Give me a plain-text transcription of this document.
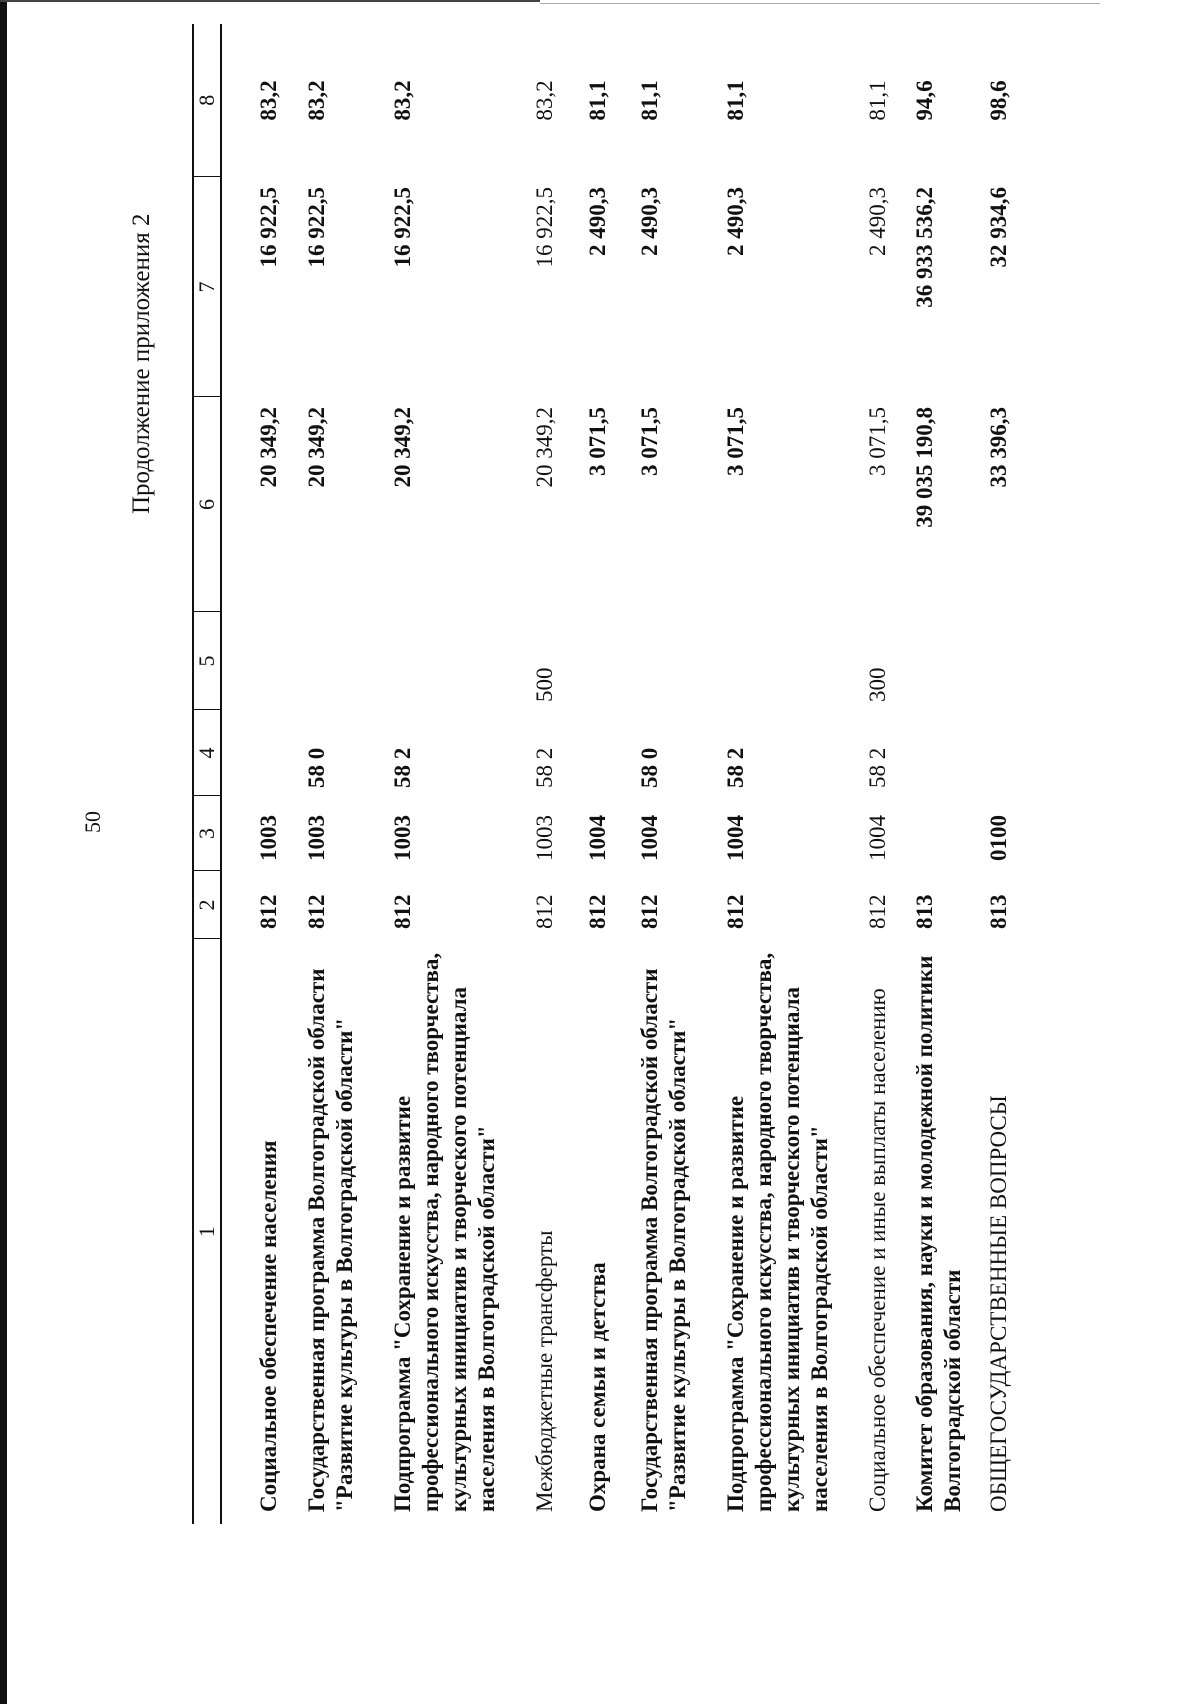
50
Продолжение приложения 2
1	2	3	4	5	6	7	8
Социальное обеспечение населения	812	1003			20 349,2	16 922,5	83,2
Государственная программа Волгоградской области "Развитие культуры в Волгоградской области"	812	1003	58 0		20 349,2	16 922,5	83,2
Подпрограмма "Сохранение и развитие профессионального искусства, народного творчества, культурных инициатив и творческого потенциала населения в Волгоградской области"	812	1003	58 2		20 349,2	16 922,5	83,2
Межбюджетные трансферты	812	1003	58 2	500	20 349,2	16 922,5	83,2
Охрана семьи и детства	812	1004			3 071,5	2 490,3	81,1
Государственная программа Волгоградской области "Развитие культуры в Волгоградской области"	812	1004	58 0		3 071,5	2 490,3	81,1
Подпрограмма "Сохранение и развитие профессионального искусства, народного творчества, культурных инициатив и творческого потенциала населения в Волгоградской области"	812	1004	58 2		3 071,5	2 490,3	81,1
Социальное обеспечение и иные выплаты населению	812	1004	58 2	300	3 071,5	2 490,3	81,1
Комитет образования, науки и молодежной политики Волгоградской области	813				39 035 190,8	36 933 536,2	94,6
ОБЩЕГОСУДАРСТВЕННЫЕ ВОПРОСЫ	813	0100			33 396,3	32 934,6	98,6
